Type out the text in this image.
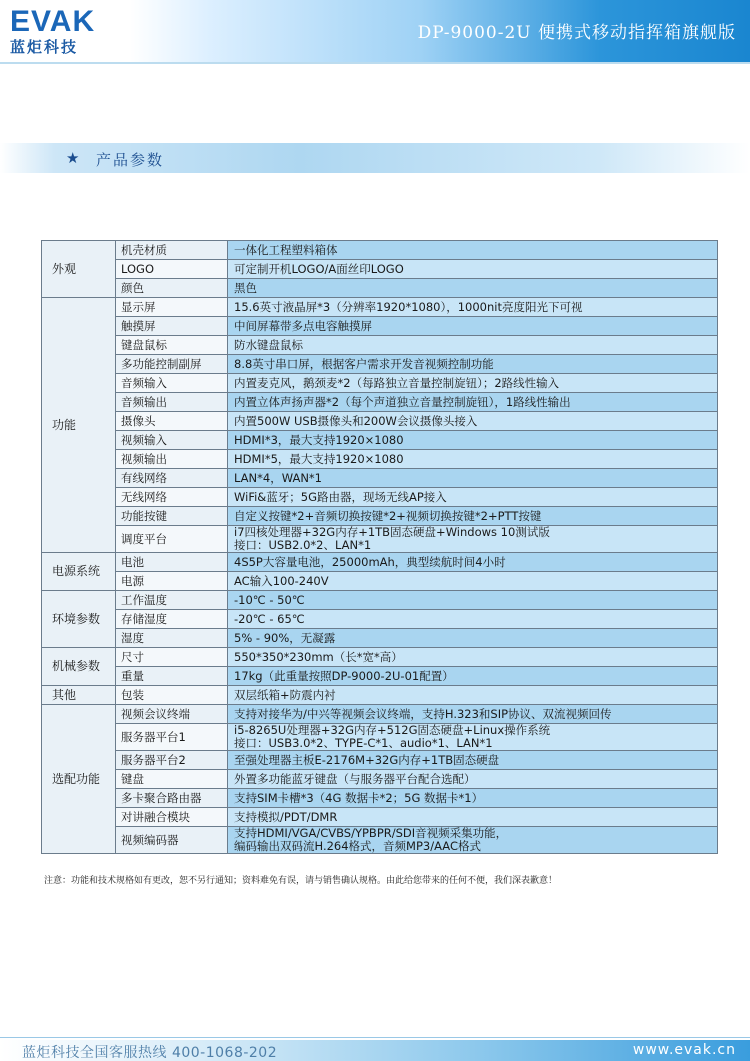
EVAK
蓝炬科技
DP-9000-2U 便携式移动指挥箱旗舰版
★ 产品参数
外观	机壳材质	一体化工程塑料箱体

	LOGO	可定制开机LOGO/A面丝印LOGO

	颜色	黑色

功能	显示屏	15.6英寸液晶屏*3（分辨率1920*1080），1000nit亮度阳光下可视

	触摸屏	中间屏幕带多点电容触摸屏

	键盘鼠标	防水键盘鼠标

	多功能控制副屏	8.8英寸串口屏，根据客户需求开发音视频控制功能

	音频输入	内置麦克风，鹅颈麦*2（每路独立音量控制旋钮）；2路线性输入

	音频输出	内置立体声扬声器*2（每个声道独立音量控制旋钮），1路线性输出

	摄像头	内置500W USB摄像头和200W会议摄像头接入

	视频输入	HDMI*3，最大支持1920×1080

	视频输出	HDMI*5，最大支持1920×1080

	有线网络	LAN*4，WAN*1

	无线网络	WiFi&蓝牙；5G路由器，现场无线AP接入

	功能按键	自定义按键*2+音频切换按键*2+视频切换按键*2+PTT按键

	调度平台	i7四核处理器+32G内存+1TB固态硬盘+Windows 10测试版
接口：USB2.0*2、LAN*1

电源系统	电池	4S5P大容量电池，25000mAh，典型续航时间4小时

	电源	AC输入100-240V

环境参数	工作温度	-10℃ - 50℃

	存储湿度	-20℃ - 65℃

	湿度	5% - 90%，无凝露

机械参数	尺寸	550*350*230mm（长*宽*高）

	重量	17kg（此重量按照DP-9000-2U-01配置）

其他	包装	双层纸箱+防震内衬

选配功能	视频会议终端	支持对接华为/中兴等视频会议终端，支持H.323和SIP协议、双流视频回传

	服务器平台1	i5-8265U处理器+32G内存+512G固态硬盘+Linux操作系统
接口：USB3.0*2、TYPE-C*1、audio*1、LAN*1

	服务器平台2	至强处理器主板E-2176M+32G内存+1TB固态硬盘

	键盘	外置多功能蓝牙键盘（与服务器平台配合选配）

	多卡聚合路由器	支持SIM卡槽*3（4G 数据卡*2；5G 数据卡*1）

	对讲融合模块	支持模拟/PDT/DMR

	视频编码器	支持HDMI/VGA/CVBS/YPBPR/SDI音视频采集功能，
编码输出双码流H.264格式，音频MP3/AAC格式
注意：功能和技术规格如有更改，恕不另行通知；资料难免有误，请与销售确认规格。由此给您带来的任何不便，我们深表歉意！
蓝炬科技全国客服热线 400-1068-202	www.evak.cn
